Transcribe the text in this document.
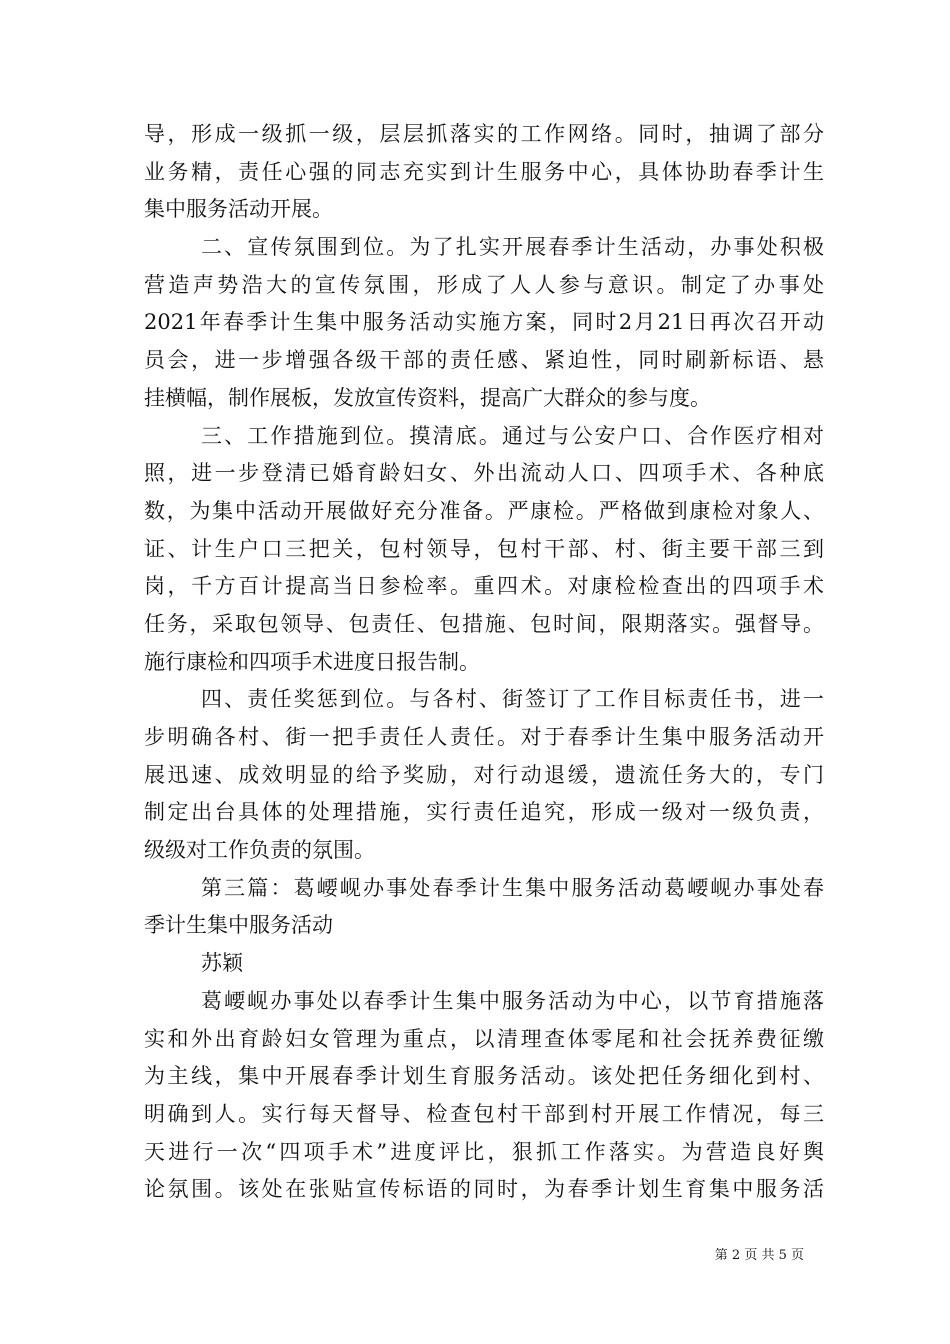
导，形成一级抓一级，层层抓落实的工作网络。同时，抽调了部分
业务精，责任心强的同志充实到计生服务中心，具体协助春季计生
集中服务活动开展。
二、宣传氛围到位。为了扎实开展春季计生活动，办事处积极
营造声势浩大的宣传氛围，形成了人人参与意识。制定了办事处
2021年春季计生集中服务活动实施方案，同时2月21日再次召开动
员会，进一步增强各级干部的责任感、紧迫性，同时刷新标语、悬
挂横幅，制作展板，发放宣传资料，提高广大群众的参与度。
三、工作措施到位。摸清底。通过与公安户口、合作医疗相对
照，进一步登清已婚育龄妇女、外出流动人口、四项手术、各种底
数，为集中活动开展做好充分准备。严康检。严格做到康检对象人、
证、计生户口三把关，包村领导，包村干部、村、街主要干部三到
岗，千方百计提高当日参检率。重四术。对康检检查出的四项手术
任务，采取包领导、包责任、包措施、包时间，限期落实。强督导。
施行康检和四项手术进度日报告制。
四、责任奖惩到位。与各村、街签订了工作目标责任书，进一
步明确各村、街一把手责任人责任。对于春季计生集中服务活动开
展迅速、成效明显的给予奖励，对行动退缓，遗流任务大的，专门
制定出台具体的处理措施，实行责任追究，形成一级对一级负责，
级级对工作负责的氛围。
第三篇：葛崾岘办事处春季计生集中服务活动葛崾岘办事处春
季计生集中服务活动
苏颖
葛崾岘办事处以春季计生集中服务活动为中心，以节育措施落
实和外出育龄妇女管理为重点，以清理查体零尾和社会抚养费征缴
为主线，集中开展春季计划生育服务活动。该处把任务细化到村、
明确到人。实行每天督导、检查包村干部到村开展工作情况，每三
天进行一次“四项手术”进度评比，狠抓工作落实。为营造良好舆
论氛围。该处在张贴宣传标语的同时，为春季计划生育集中服务活
第 2 页 共 5 页
